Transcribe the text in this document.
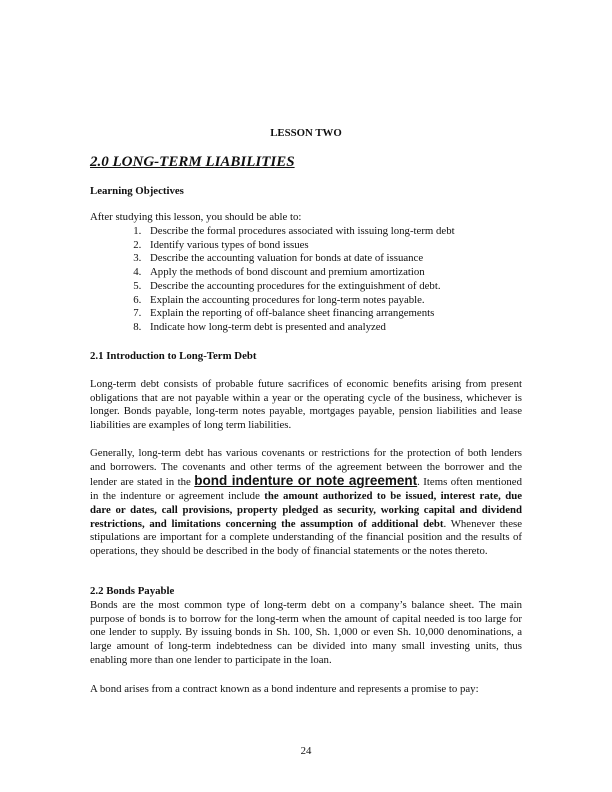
LESSON TWO
2.0 LONG-TERM LIABILITIES
Learning Objectives
After studying this lesson, you should be able to:
1. Describe the formal procedures associated with issuing long-term debt
2. Identify various types of bond issues
3. Describe the accounting valuation for bonds at date of issuance
4. Apply the methods of bond discount and premium amortization
5. Describe the accounting procedures for the extinguishment of debt.
6. Explain the accounting procedures for long-term notes payable.
7. Explain the reporting of off-balance sheet financing arrangements
8. Indicate how long-term debt is presented and analyzed
2.1 Introduction to Long-Term Debt

Long-term debt consists of probable future sacrifices of economic benefits arising from present obligations that are not payable within a year or the operating cycle of the business, whichever is longer. Bonds payable, long-term notes payable, mortgages payable, pension liabilities and lease liabilities are examples of long term liabilities.

Generally, long-term debt has various covenants or restrictions for the protection of both lenders and borrowers. The covenants and other terms of the agreement between the borrower and the lender are stated in the bond indenture or note agreement. Items often mentioned in the indenture or agreement include the amount authorized to be issued, interest rate, due dare or dates, call provisions, property pledged as security, working capital and dividend restrictions, and limitations concerning the assumption of additional debt. Whenever these stipulations are important for a complete understanding of the financial position and the results of operations, they should be described in the body of financial statements or the notes thereto.

2.2 Bonds Payable

Bonds are the most common type of long-term debt on a company’s balance sheet. The main purpose of bonds is to borrow for the long-term when the amount of capital needed is too large for one lender to supply. By issuing bonds in Sh. 100, Sh. 1,000 or even Sh. 10,000 denominations, a large amount of long-term indebtedness can be divided into many small investing units, thus enabling more than one lender to participate in the loan.

A bond arises from a contract known as a bond indenture and represents a promise to pay:

24
